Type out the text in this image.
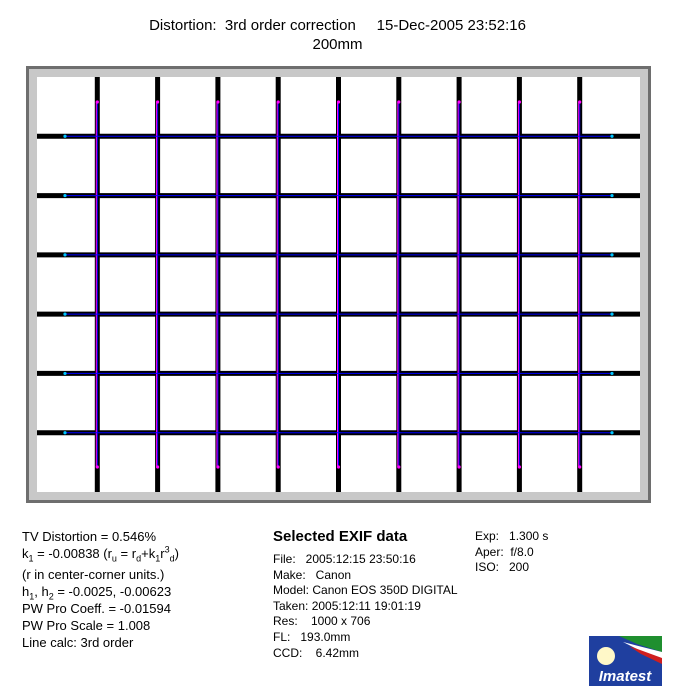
Distortion:  3rd order correction     15-Dec-2005 23:52:16
200mm
TV Distortion = 0.546%
$k_1 = -0.00838$ $(r_u = r_d+k_1r^3_d)$
(r in center-corner units.)
$h_1$, $h_2 = -0.0025$, -0.00623
PW Pro Coeff. = -0.01594
PW Pro Scale = 1.008
Line calc: 3rd order
Selected EXIF data
File:   2005:12:15 23:50:16
Make:   Canon
Model: Canon EOS 350D DIGITAL
Taken: 2005:12:11 19:01:19
Res:    1000 x 706
FL:   193.0mm
CCD:    6.42mm
Exp:   1.300 s
Aper:  f/8.0
ISO:   200
Imatest
